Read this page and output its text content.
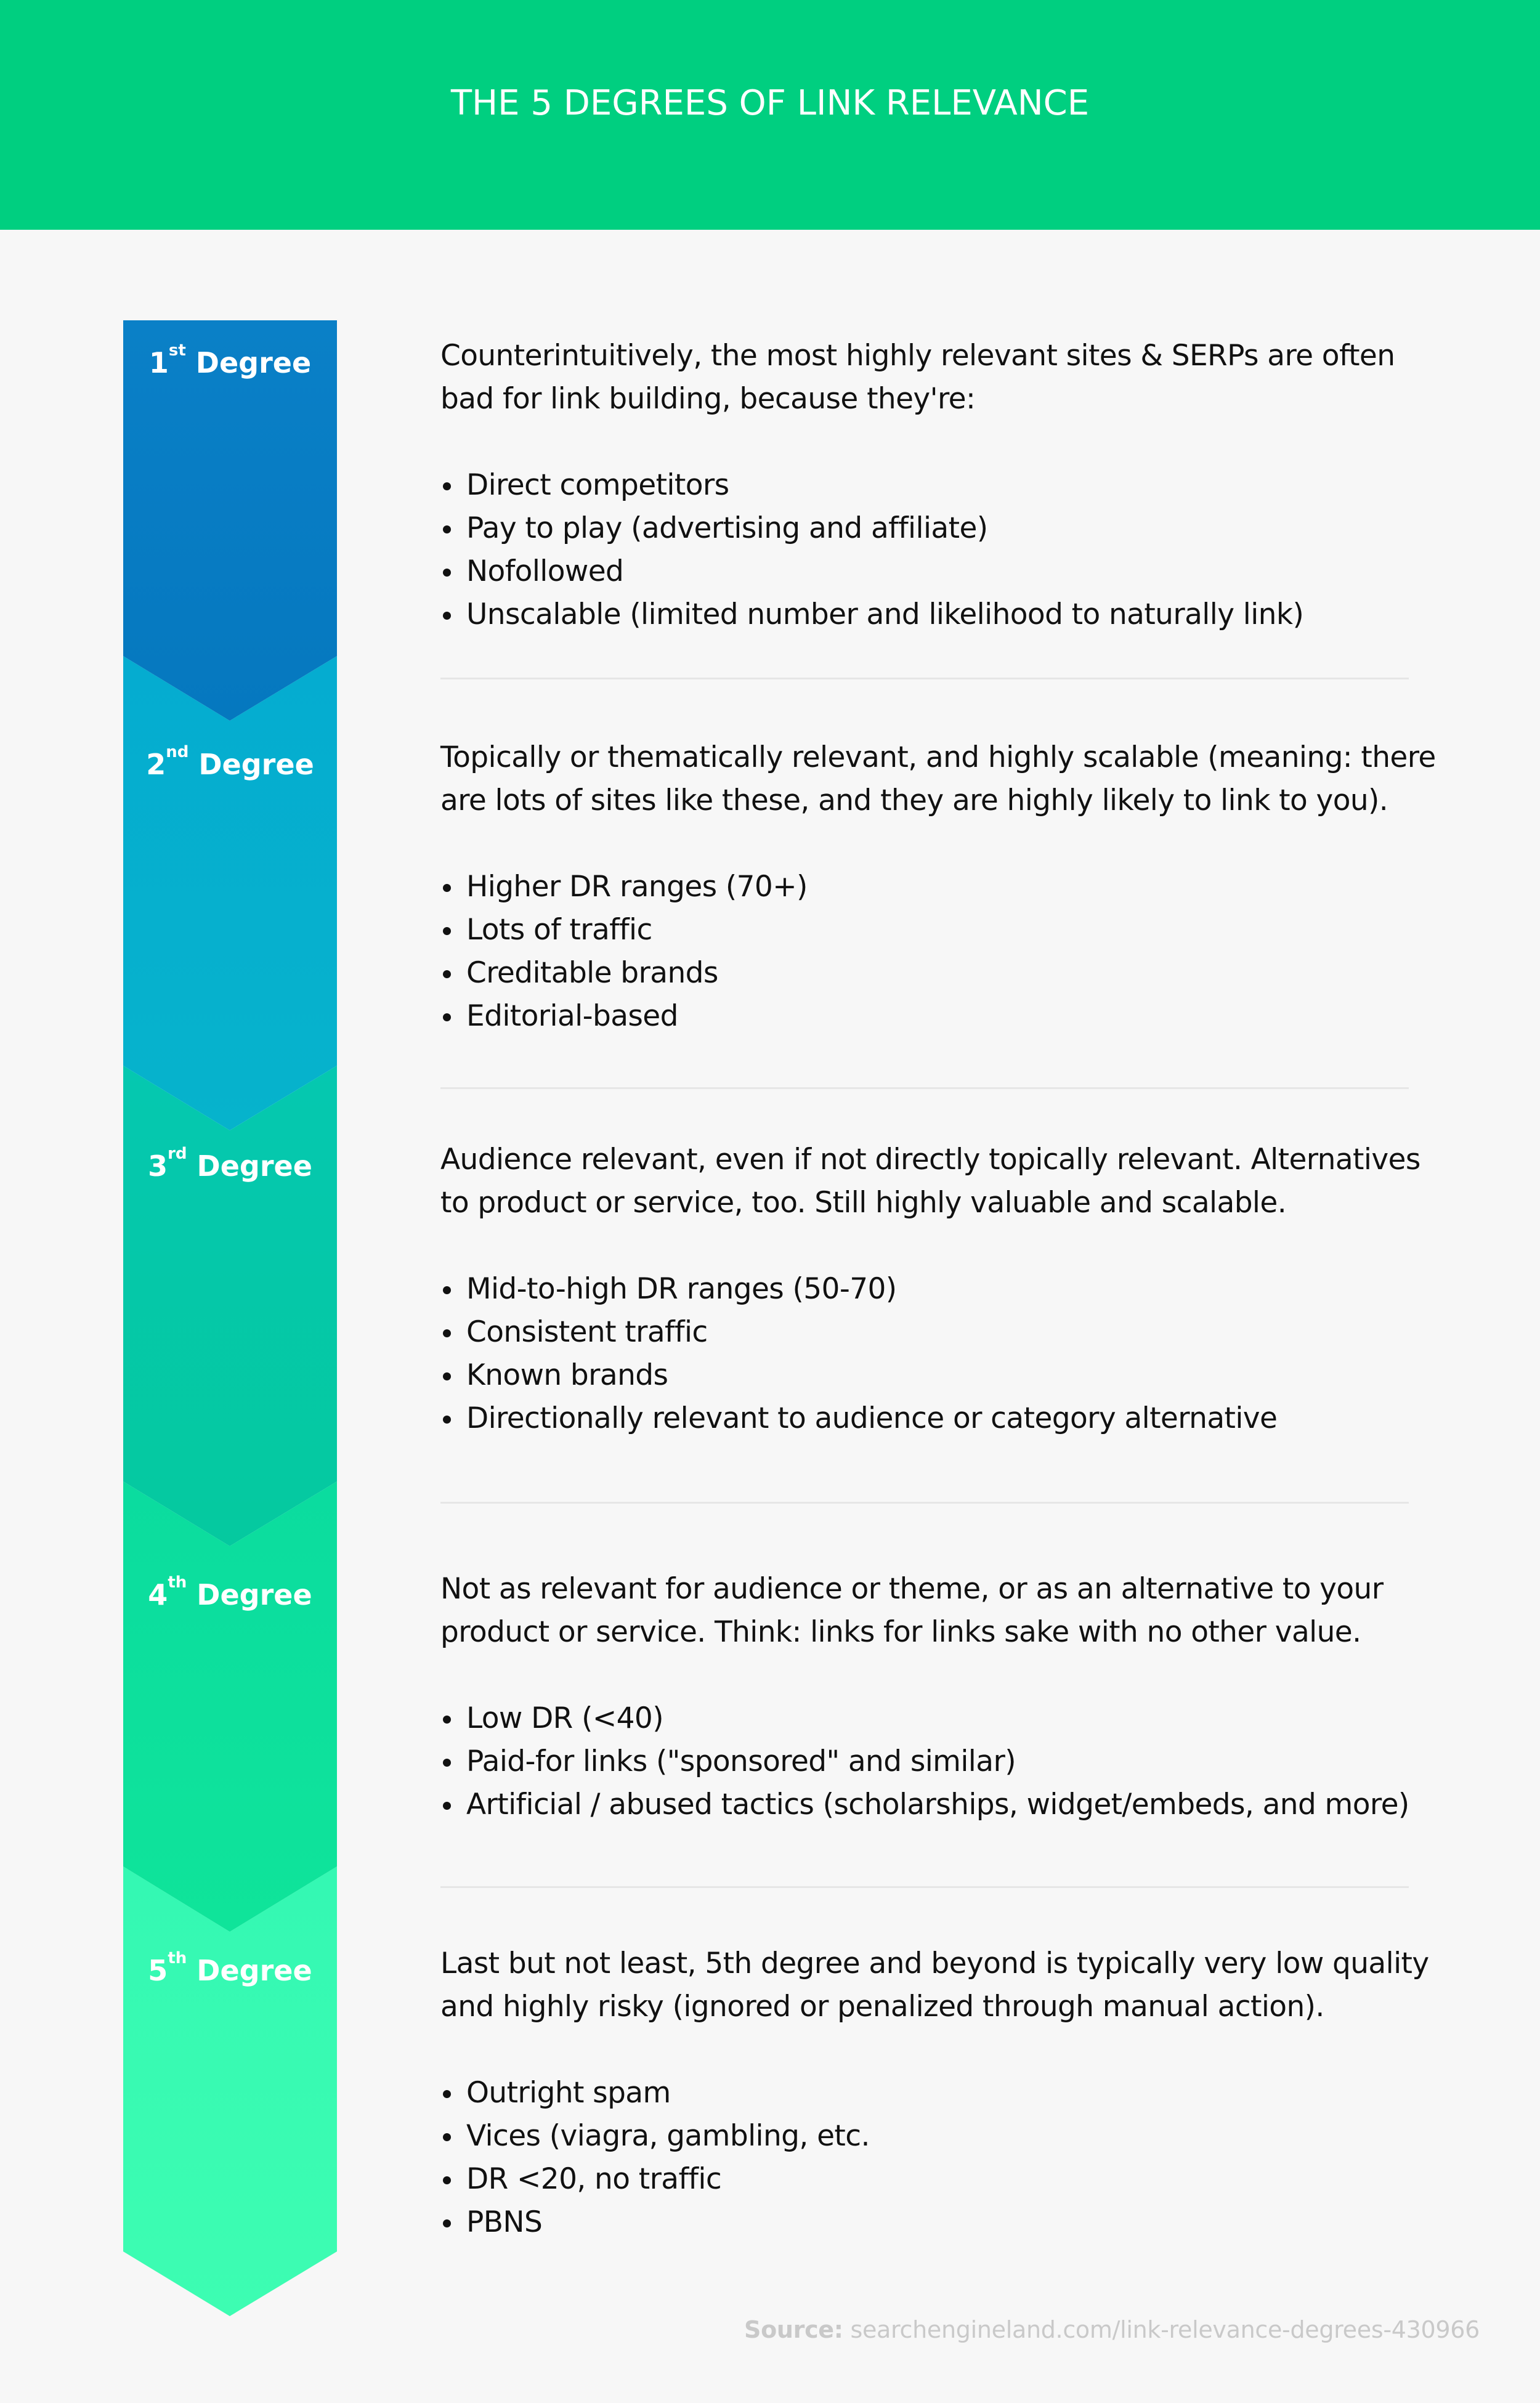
THE 5 DEGREES OF LINK RELEVANCE
1st Degree
2nd Degree
3rd Degree
4th Degree
5th Degree

Counterintuitively, the most highly relevant sites & SERPs are often
bad for link building, because they're:

Direct competitors
Pay to play (advertising and affiliate)
Nofollowed
Unscalable (limited number and likelihood to naturally link)

Topically or thematically relevant, and highly scalable (meaning: there
are lots of sites like these, and they are highly likely to link to you).

Higher DR ranges (70+)
Lots of traffic
Creditable brands
Editorial-based

Audience relevant, even if not directly topically relevant. Alternatives
to product or service, too. Still highly valuable and scalable.

Mid-to-high DR ranges (50-70)
Consistent traffic
Known brands
Directionally relevant to audience or category alternative

Not as relevant for audience or theme, or as an alternative to your
product or service. Think: links for links sake with no other value.

Low DR (<40)
Paid-for links ("sponsored" and similar)
Artificial / abused tactics (scholarships, widget/embeds, and more)

Last but not least, 5th degree and beyond is typically very low quality
and highly risky (ignored or penalized through manual action).

Outright spam
Vices (viagra, gambling, etc.
DR <20, no traffic
PBNS
Source: searchengineland.com/link-relevance-degrees-430966
